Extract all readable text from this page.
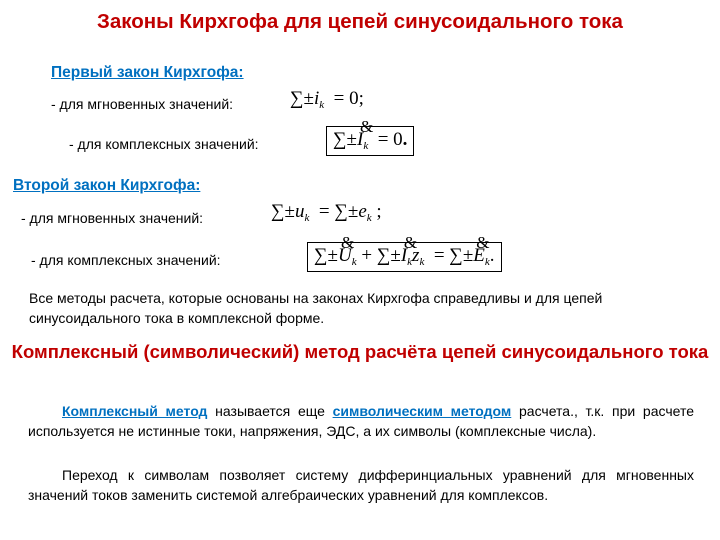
Законы Кирхгофа для цепей синусоидального тока
Первый закон Кирхгофа:
- для мгновенных значений:	$\sum\pm i_k = 0$;
- для комплексных значений:	∑±& $I_k = 0$.
Второй закон Кирхгофа:
- для мгновенных значений:	$\sum\pm u_k = \sum\pm e_k$ ;
- для комплексных значений:	∑±& $U_k$ + ∑±& $I_kz_k$ = ∑±& $E_k$.
Все методы расчета, которые основаны на законах Кирхгофа справедливы и для цепей синусоидального тока в комплексной форме.
Комплексный (символический) метод расчёта цепей синусоидального тока
Комплексный метод называется еще символическим методом расчета., т.к. при расчете используется не истинные токи, напряжения, ЭДС, а их символы (комплексные числа).
Переход к символам позволяет систему дифферинциальных уравнений для мгновенных значений токов заменить системой алгебраических уравнений для комплексов.
